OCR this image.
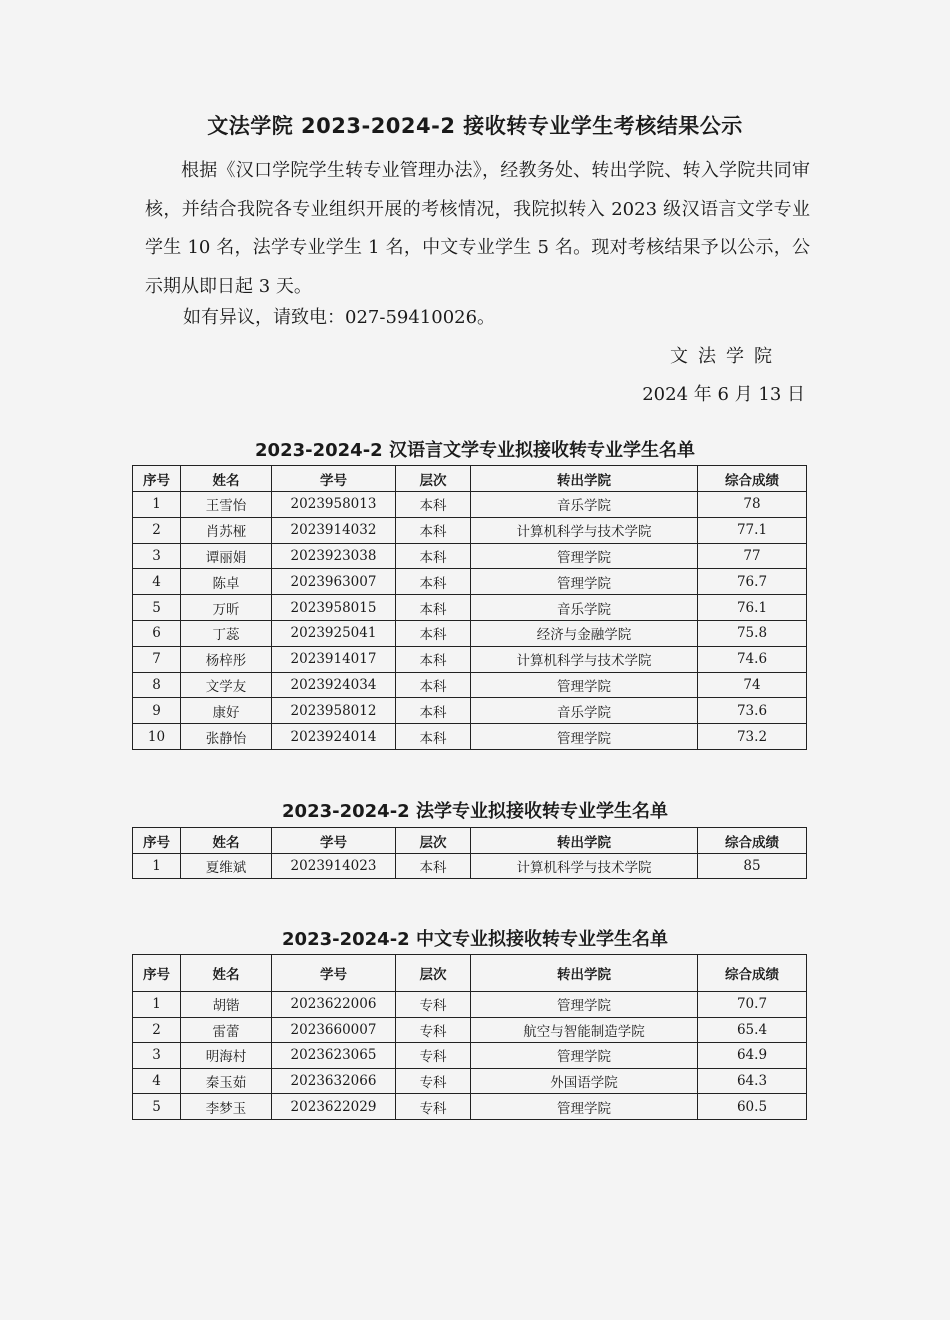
文法学院 2023-2024-2 接收转专业学生考核结果公示

根据《汉口学院学生转专业管理办法》，经教务处、转出学院、转入学院共同审核，并结合我院各专业组织开展的考核情况，我院拟转入 2023 级汉语言文学专业学生 10 名，法学专业学生 1 名，中文专业学生 5 名。现对考核结果予以公示，公示期从即日起 3 天。

如有异议，请致电：027-59410026。
文法学院
2024 年 6 月 13 日
2023-2024-2 汉语言文学专业拟接收转专业学生名单
序号	姓名	学号	层次	转出学院	综合成绩
1	王雪怡	2023958013	本科	音乐学院	78
2	肖苏桠	2023914032	本科	计算机科学与技术学院	77.1
3	谭丽娟	2023923038	本科	管理学院	77
4	陈卓	2023963007	本科	管理学院	76.7
5	万昕	2023958015	本科	音乐学院	76.1
6	丁蕊	2023925041	本科	经济与金融学院	75.8
7	杨梓彤	2023914017	本科	计算机科学与技术学院	74.6
8	文学友	2023924034	本科	管理学院	74
9	康好	2023958012	本科	音乐学院	73.6
10	张静怡	2023924014	本科	管理学院	73.2
2023-2024-2 法学专业拟接收转专业学生名单
序号	姓名	学号	层次	转出学院	综合成绩
1	夏维斌	2023914023	本科	计算机科学与技术学院	85
2023-2024-2 中文专业拟接收转专业学生名单
序号	姓名	学号	层次	转出学院	综合成绩
1	胡锴	2023622006	专科	管理学院	70.7
2	雷蕾	2023660007	专科	航空与智能制造学院	65.4
3	明海村	2023623065	专科	管理学院	64.9
4	秦玉茹	2023632066	专科	外国语学院	64.3
5	李梦玉	2023622029	专科	管理学院	60.5
